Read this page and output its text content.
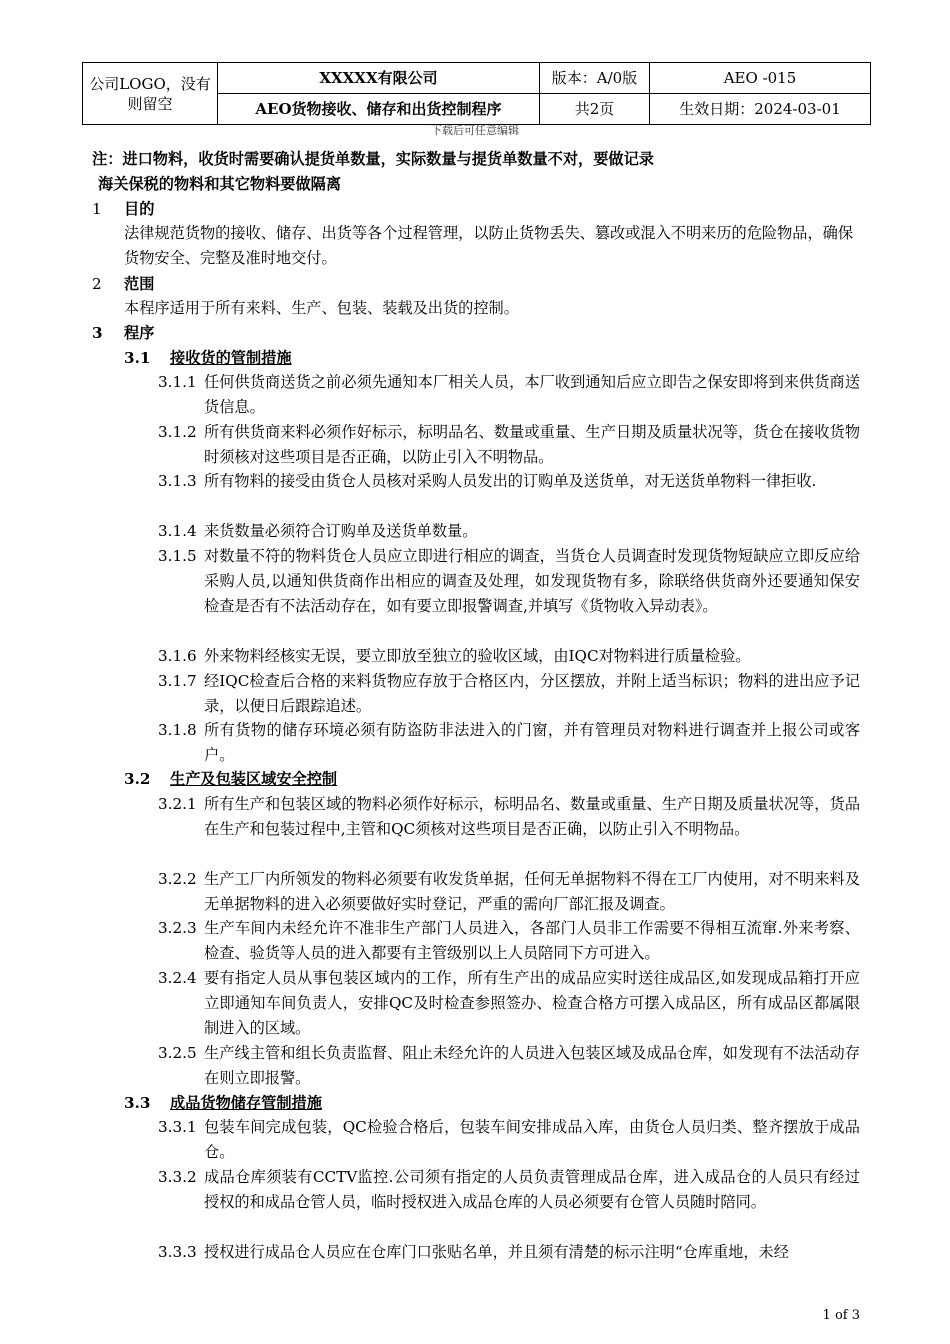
公司LOGO，没有则留空	XXXXX有限公司	版本：A/0版	AEO -015
	AEO货物接收、储存和出货控制程序	共2页	生效日期：2024-03-01
下载后可任意编辑
注：进口物料，收货时需要确认提货单数量，实际数量与提货单数量不对，要做记录
海关保税的物料和其它物料要做隔离
1 目的
法律规范货物的接收、储存、出货等各个过程管理，以防止货物丢失、篡改或混入不明来历的危险物品，确保货物安全、完整及准时地交付。
2 范围
本程序适用于所有来料、生产、包装、装载及出货的控制。
3 程序
3.1 接收货的管制措施
3.1.1 任何供货商送货之前必须先通知本厂相关人员，本厂收到通知后应立即告之保安即将到来供货商送货信息。
3.1.2 所有供货商来料必须作好标示，标明品名、数量或重量、生产日期及质量状况等，货仓在接收货物时须核对这些项目是否正确，以防止引入不明物品。
3.1.3 所有物料的接受由货仓人员核对采购人员发出的订购单及送货单，对无送货单物料一律拒收.
3.1.4 来货数量必须符合订购单及送货单数量。
3.1.5 对数量不符的物料货仓人员应立即进行相应的调查，当货仓人员调查时发现货物短缺应立即反应给采购人员,以通知供货商作出相应的调查及处理，如发现货物有多，除联络供货商外还要通知保安检查是否有不法活动存在，如有要立即报警调查,并填写《货物收入异动表》。
3.1.6 外来物料经核实无误，要立即放至独立的验收区域，由IQC对物料进行质量检验。
3.1.7 经IQC检查后合格的来料货物应存放于合格区内，分区摆放，并附上适当标识；物料的进出应予记录，以便日后跟踪追述。
3.1.8 所有货物的储存环境必须有防盗防非法进入的门窗，并有管理员对物料进行调查并上报公司或客户。
3.2 生产及包装区域安全控制
3.2.1 所有生产和包装区域的物料必须作好标示，标明品名、数量或重量、生产日期及质量状况等，货品在生产和包装过程中,主管和QC须核对这些项目是否正确，以防止引入不明物品。
3.2.2 生产工厂内所领发的物料必须要有收发货单据，任何无单据物料不得在工厂内使用，对不明来料及无单据物料的进入必须要做好实时登记，严重的需向厂部汇报及调查。
3.2.3 生产车间内未经允许不准非生产部门人员进入，各部门人员非工作需要不得相互流窜.外来考察、检查、验货等人员的进入都要有主管级别以上人员陪同下方可进入。
3.2.4 要有指定人员从事包装区域内的工作，所有生产出的成品应实时送往成品区,如发现成品箱打开应立即通知车间负责人，安排QC及时检查参照签办、检查合格方可摆入成品区，所有成品区都属限制进入的区域。
3.2.5 生产线主管和组长负责监督、阻止未经允许的人员进入包装区域及成品仓库，如发现有不法活动存在则立即报警。
3.3 成品货物储存管制措施
3.3.1 包装车间完成包装，QC检验合格后，包装车间安排成品入库，由货仓人员归类、整齐摆放于成品仓。
3.3.2 成品仓库须装有CCTV监控.公司须有指定的人员负责管理成品仓库，进入成品仓的人员只有经过授权的和成品仓管人员，临时授权进入成品仓库的人员必须要有仓管人员随时陪同。
3.3.3 授权进行成品仓人员应在仓库门口张贴名单，并且须有清楚的标示注明“仓库重地，未经
1 of 3
